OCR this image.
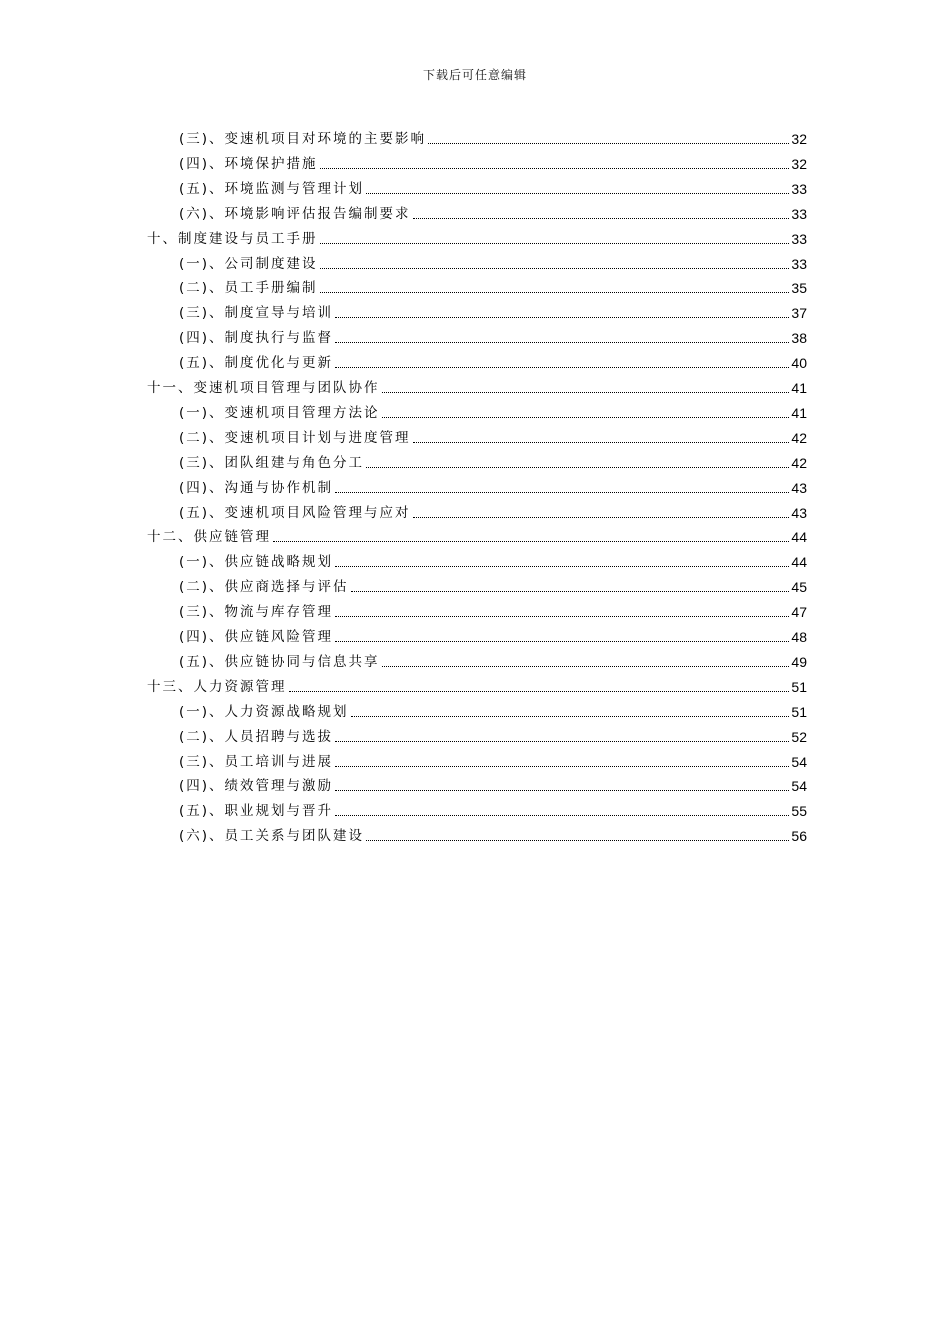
下载后可任意编辑
(三)、变速机项目对环境的主要影响	32
(四)、环境保护措施	32
(五)、环境监测与管理计划	33
(六)、环境影响评估报告编制要求	33
十、制度建设与员工手册	33
(一)、公司制度建设	33
(二)、员工手册编制	35
(三)、制度宣导与培训	37
(四)、制度执行与监督	38
(五)、制度优化与更新	40
十一、变速机项目管理与团队协作	41
(一)、变速机项目管理方法论	41
(二)、变速机项目计划与进度管理	42
(三)、团队组建与角色分工	42
(四)、沟通与协作机制	43
(五)、变速机项目风险管理与应对	43
十二、供应链管理	44
(一)、供应链战略规划	44
(二)、供应商选择与评估	45
(三)、物流与库存管理	47
(四)、供应链风险管理	48
(五)、供应链协同与信息共享	49
十三、人力资源管理	51
(一)、人力资源战略规划	51
(二)、人员招聘与选拔	52
(三)、员工培训与进展	54
(四)、绩效管理与激励	54
(五)、职业规划与晋升	55
(六)、员工关系与团队建设	56
